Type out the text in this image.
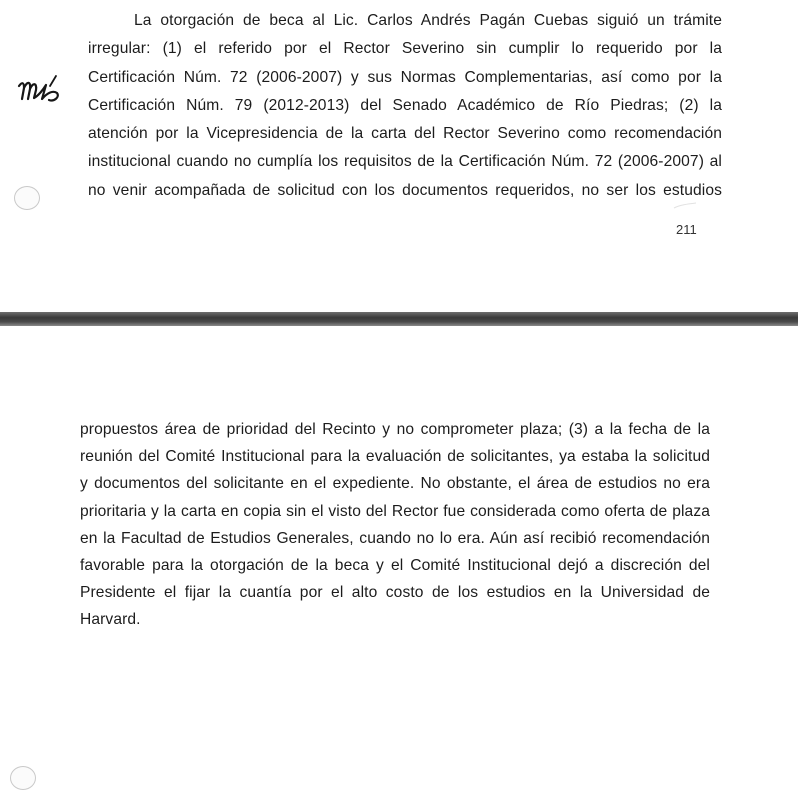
La otorgación de beca al Lic. Carlos Andrés Pagán Cuebas siguió un trámite
irregular: (1) el referido por el Rector Severino sin cumplir lo requerido por la
Certificación Núm. 72 (2006-2007) y sus Normas Complementarias, así como por la
Certificación Núm. 79 (2012-2013) del Senado Académico de Río Piedras; (2) la
atención por la Vicepresidencia de la carta del Rector Severino como recomendación
institucional cuando no cumplía los requisitos de la Certificación Núm. 72 (2006-2007) al
no venir acompañada de solicitud con los documentos requeridos, no ser los estudios
211
propuestos área de prioridad del Recinto y no comprometer plaza; (3) a la fecha de la
reunión del Comité Institucional para la evaluación de solicitantes, ya estaba la solicitud
y documentos del solicitante en el expediente. No obstante, el área de estudios no era
prioritaria y la carta en copia sin el visto del Rector fue considerada como oferta de plaza
en la Facultad de Estudios Generales, cuando no lo era. Aún así recibió recomendación
favorable para la otorgación de la beca y el Comité Institucional dejó a discreción del
Presidente el fijar la cuantía por el alto costo de los estudios en la Universidad de
Harvard.
